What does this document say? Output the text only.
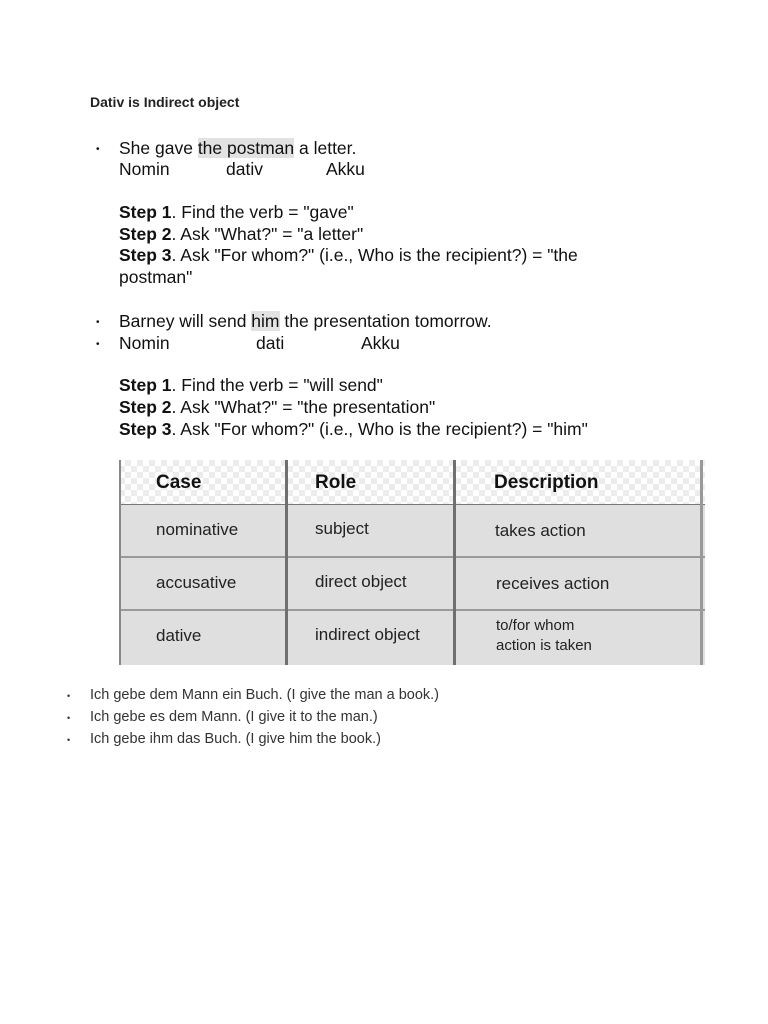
Dativ is Indirect object
• She gave the postman a letter.
Nomin	dativ	Akku
Step 1. Find the verb = "gave"
Step 2. Ask "What?" = "a letter"
Step 3. Ask "For whom?" (i.e., Who is the recipient?) = "the
postman"
• Barney will send him the presentation tomorrow.
• Nomin	dati	Akku
Step 1. Find the verb = "will send"
Step 2. Ask "What?" = "the presentation"
Step 3. Ask "For whom?" (i.e., Who is the recipient?) = "him"
Case	Role	Description
nominative	subject	takes action
accusative	direct object	receives action
dative	indirect object	to/for whom
action is taken
• Ich gebe dem Mann ein Buch. (I give the man a book.)
• Ich gebe es dem Mann. (I give it to the man.)
• Ich gebe ihm das Buch. (I give him the book.)
